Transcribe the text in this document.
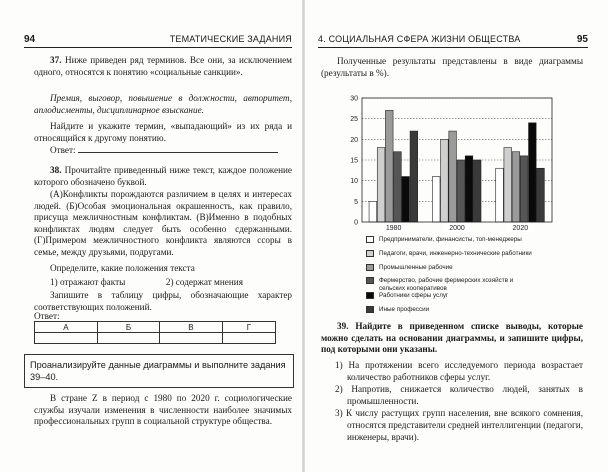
94	ТЕМАТИЧЕСКИЕ ЗАДАНИЯ
37. Ниже приведен ряд терминов. Все они, за исключением одного, относятся к понятию «социальные санкции».
Премия, выговор, повышение в должности, авторитет, аплодисменты, дисциплинарное взыскание.
Найдите и укажите термин, «выпадающий» из их ряда и относящийся к другому понятию.
Ответ:
38. Прочитайте приведенный ниже текст, каждое положение которого обозначено буквой.
(А)Конфликты порождаются различием в целях и интересах людей. (Б)Особая эмоциональная окрашенность, как правило, присуща межличностным конфликтам. (В)Именно в подобных конфликтах людям следует быть особенно сдержанными. (Г)Примером межличностного конфликта являются ссоры в семье, между друзьями, подругами.
Определите, какие положения текста
1) отражают факты	2) содержат мнения
Запишите в таблицу цифры, обозначающие характер соответствующих положений.
Ответ:
А	Б	В	Г

Проанализируйте данные диаграммы и выполните задания 39–40.
В стране Z в период с 1980 по 2020 г. социологические службы изучали изменения в численности наиболее значимых профессиональных групп в социальной структуре общества.
4. СОЦИАЛЬНАЯ СФЕРА ЖИЗНИ ОБЩЕСТВА	95
Полученные результаты представлены в виде диаграммы (результаты в %).
0
5
10
15
20
25
30
1980	2000	2020
Предприниматели, финансисты, топ-менеджеры
Педагоги, врачи, инженерно-технические работники
Промышленные рабочие
Фермерство, рабочие фермерских хозяйств и сельских кооперативов
Работники сферы услуг
Иные профессии
39. Найдите в приведенном списке выводы, которые можно сделать на основании диаграммы, и запишите цифры, под которыми они указаны.
1) На протяжении всего исследуемого периода возрастает количество работников сферы услуг.
2) Напротив, снижается количество людей, занятых в промышленности.
3) К числу растущих групп населения, вне всякого сомнения, относятся представители средней интеллигенции (педагоги, инженеры, врачи).
